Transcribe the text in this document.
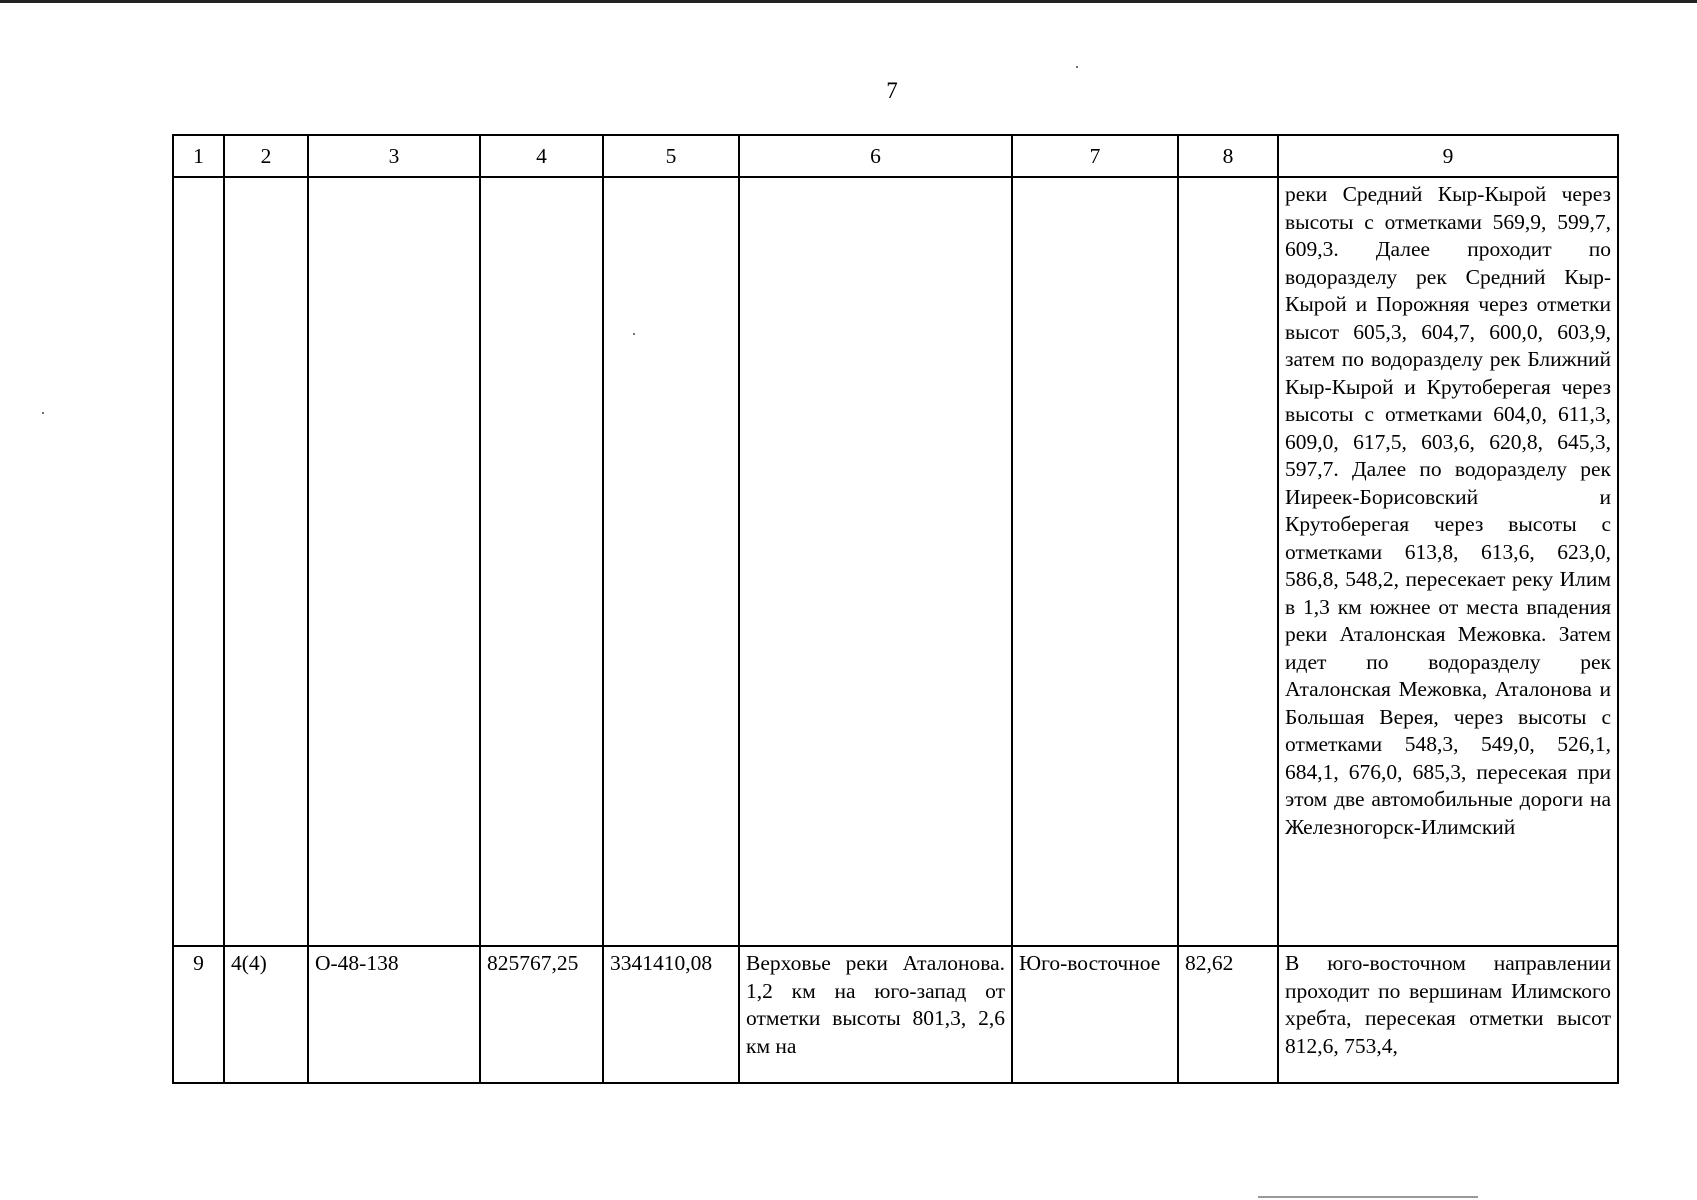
7
1	2	3	4	5	6	7	8	9
								реки Средний Кыр-Кырой через высоты с отметками 569,9, 599,7, 609,3. Далее проходит по водоразделу рек Средний Кыр-Кырой и Порожняя через отметки высот 605,3, 604,7, 600,0, 603,9, затем по водоразделу рек Ближний Кыр-Кырой и Крутоберегая через высоты с отметками 604,0, 611,3, 609,0, 617,5, 603,6, 620,8, 645,3, 597,7. Далее по водоразделу рек Ииреек-Борисовский и Крутоберегая через высоты с отметками 613,8, 613,6, 623,0, 586,8, 548,2, пересекает реку Илим в 1,3 км южнее от места впадения реки Аталонская Межовка. Затем идет по водоразделу рек Аталонская Межовка, Аталонова и Большая Верея, через высоты с отметками 548,3, 549,0, 526,1, 684,1, 676,0, 685,3, пересекая при этом две автомобильные дороги на Железногорск-Илимский
9	4(4)	О-48-138	825767,25	3341410,08	Верховье реки Аталонова. 1,2 км на юго-запад от отметки высоты 801,3, 2,6 км на	Юго-восточное	82,62	В юго-восточном направлении проходит по вершинам Илимского хребта, пересекая отметки высот 812,6, 753,4,
